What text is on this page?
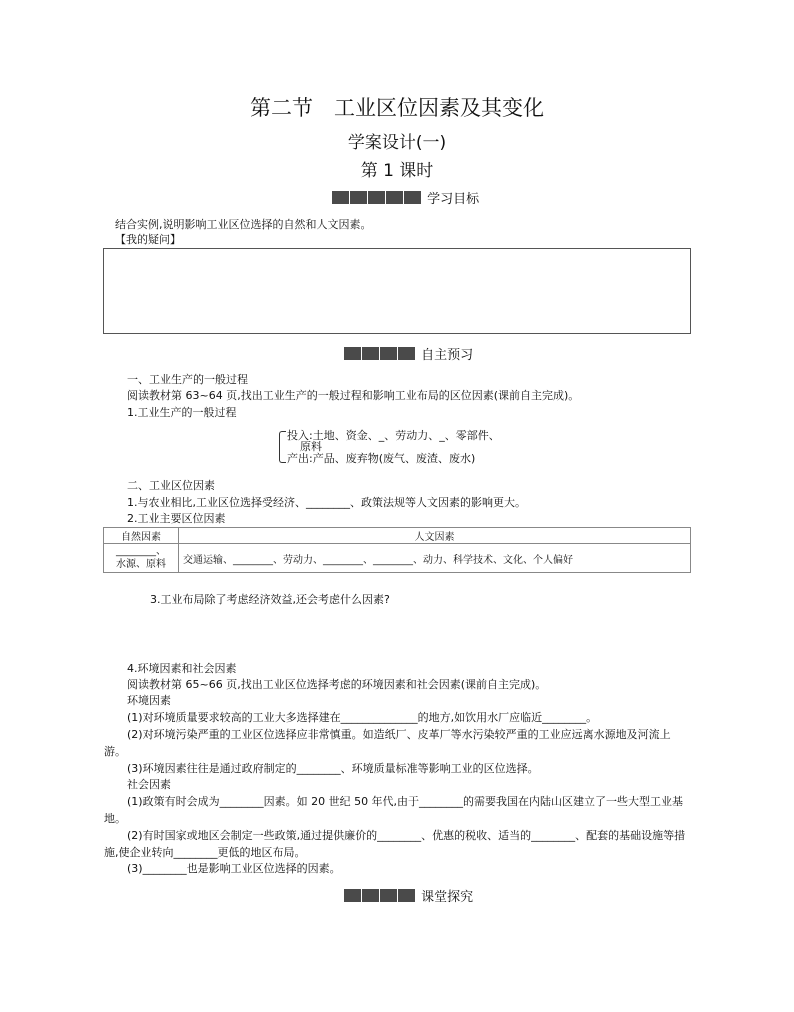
第二节　工业区位因素及其变化
学案设计(一)
第 1 课时
学习目标
结合实例,说明影响工业区位选择的自然和人文因素。
【我的疑问】
自主预习
一、工业生产的一般过程
阅读教材第 63~64 页,找出工业生产的一般过程和影响工业布局的区位因素(课前自主完成)。
1.工业生产的一般过程
投入:土地、资金、_、劳动力、_、零部件、
原料
产出:产品、废弃物(废气、废渣、废水)
二、工业区位因素
1.与农业相比,工业区位选择受经济、________、政策法规等人文因素的影响更大。
2.工业主要区位因素
自然因素	人文因素

________、
水源、原料	交通运输、________、劳动力、________、________、动力、科学技术、文化、个人偏好
3.工业布局除了考虑经济效益,还会考虑什么因素?
4.环境因素和社会因素
阅读教材第 65~66 页,找出工业区位选择考虑的环境因素和社会因素(课前自主完成)。
环境因素
(1)对环境质量要求较高的工业大多选择建在______________的地方,如饮用水厂应临近________。
(2)对环境污染严重的工业区位选择应非常慎重。如造纸厂、皮革厂等水污染较严重的工业应远离水源地及河流上
游。
(3)环境因素往往是通过政府制定的________、环境质量标准等影响工业的区位选择。
社会因素
(1)政策有时会成为________因素。如 20 世纪 50 年代,由于________的需要我国在内陆山区建立了一些大型工业基
地。
(2)有时国家或地区会制定一些政策,通过提供廉价的________、优惠的税收、适当的________、配套的基础设施等措
施,使企业转向________更低的地区布局。
(3)________也是影响工业区位选择的因素。
课堂探究
